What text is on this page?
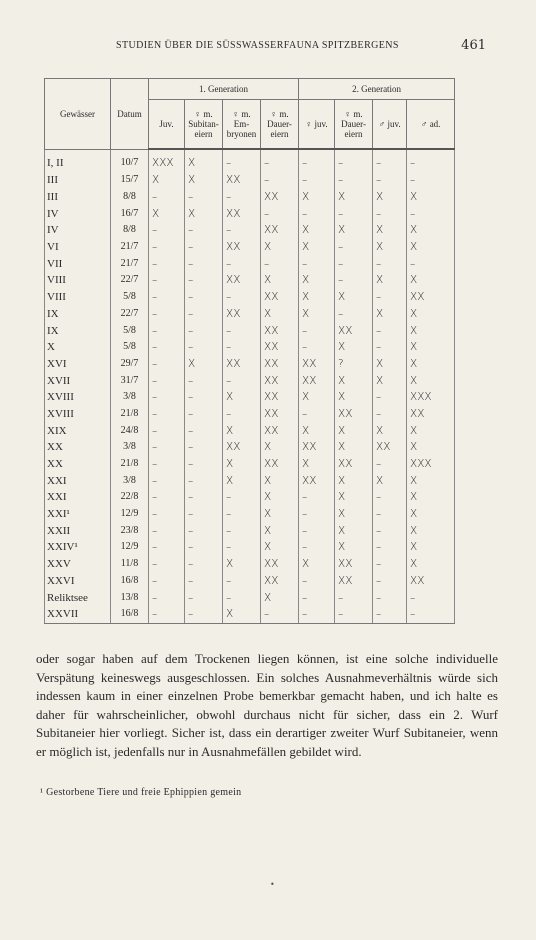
STUDIEN ÜBER DIE SÜSSWASSERFAUNA SPITZBERGENS	461
Gewässer	Datum	1. Generation				2. Generation			
		Juv.	♀ m. Subitan-eiern	♀ m. Em-bryonen	♀ m. Dauer-eiern	♀ juv.	♀ m. Dauer-eiern	♂ juv.	♂ ad.
I, II	10/7	XXX	X	–	–	–	–	–	–
III	15/7	X	X	XX	–	–	–	–	–
III	8/8	–	–	–	XX	X	X	X	X
IV	16/7	X	X	XX	–	–	–	–	–
IV	8/8	–	–	–	XX	X	X	X	X
VI	21/7	–	–	XX	X	X	–	X	X
VII	21/7	–	–	–	–	–	–	–	–
VIII	22/7	–	–	XX	X	X	–	X	X
VIII	5/8	–	–	–	XX	X	X	–	XX
IX	22/7	–	–	XX	X	X	–	X	X
IX	5/8	–	–	–	XX	–	XX	–	X
X	5/8	–	–	–	XX	–	X	–	X
XVI	29/7	–	X	XX	XX	XX	?	X	X
XVII	31/7	–	–	–	XX	XX	X	X	X
XVIII	3/8	–	–	X	XX	X	X	–	XXX
XVIII	21/8	–	–	–	XX	–	XX	–	XX
XIX	24/8	–	–	X	XX	X	X	X	X
XX	3/8	–	–	XX	X	XX	X	XX	X
XX	21/8	–	–	X	XX	X	XX	–	XXX
XXI	3/8	–	–	X	X	XX	X	X	X
XXI	22/8	–	–	–	X	–	X	–	X
XXI¹	12/9	–	–	–	X	–	X	–	X
XXII	23/8	–	–	–	X	–	X	–	X
XXIV¹	12/9	–	–	–	X	–	X	–	X
XXV	11/8	–	–	X	XX	X	XX	–	X
XXVI	16/8	–	–	–	XX	–	XX	–	XX
Reliktsee	13/8	–	–	–	X	–	–	–	–
XXVII	16/8	–	–	X	–	–	–	–	–
oder sogar haben auf dem Trockenen liegen können, ist eine solche individuelle Verspätung keineswegs ausgeschlossen. Ein solches Ausnahmeverhältnis würde sich indessen kaum in einer einzelnen Probe bemerkbar gemacht haben, und ich halte es daher für wahrscheinlicher, obwohl durchaus nicht für sicher, dass ein 2. Wurf Subitaneier hier vorliegt. Sicher ist, dass ein derartiger zweiter Wurf Subitaneier, wenn er möglich ist, jedenfalls nur in Ausnahmefällen gebildet wird.
¹ Gestorbene Tiere und freie Ephippien gemein
•
